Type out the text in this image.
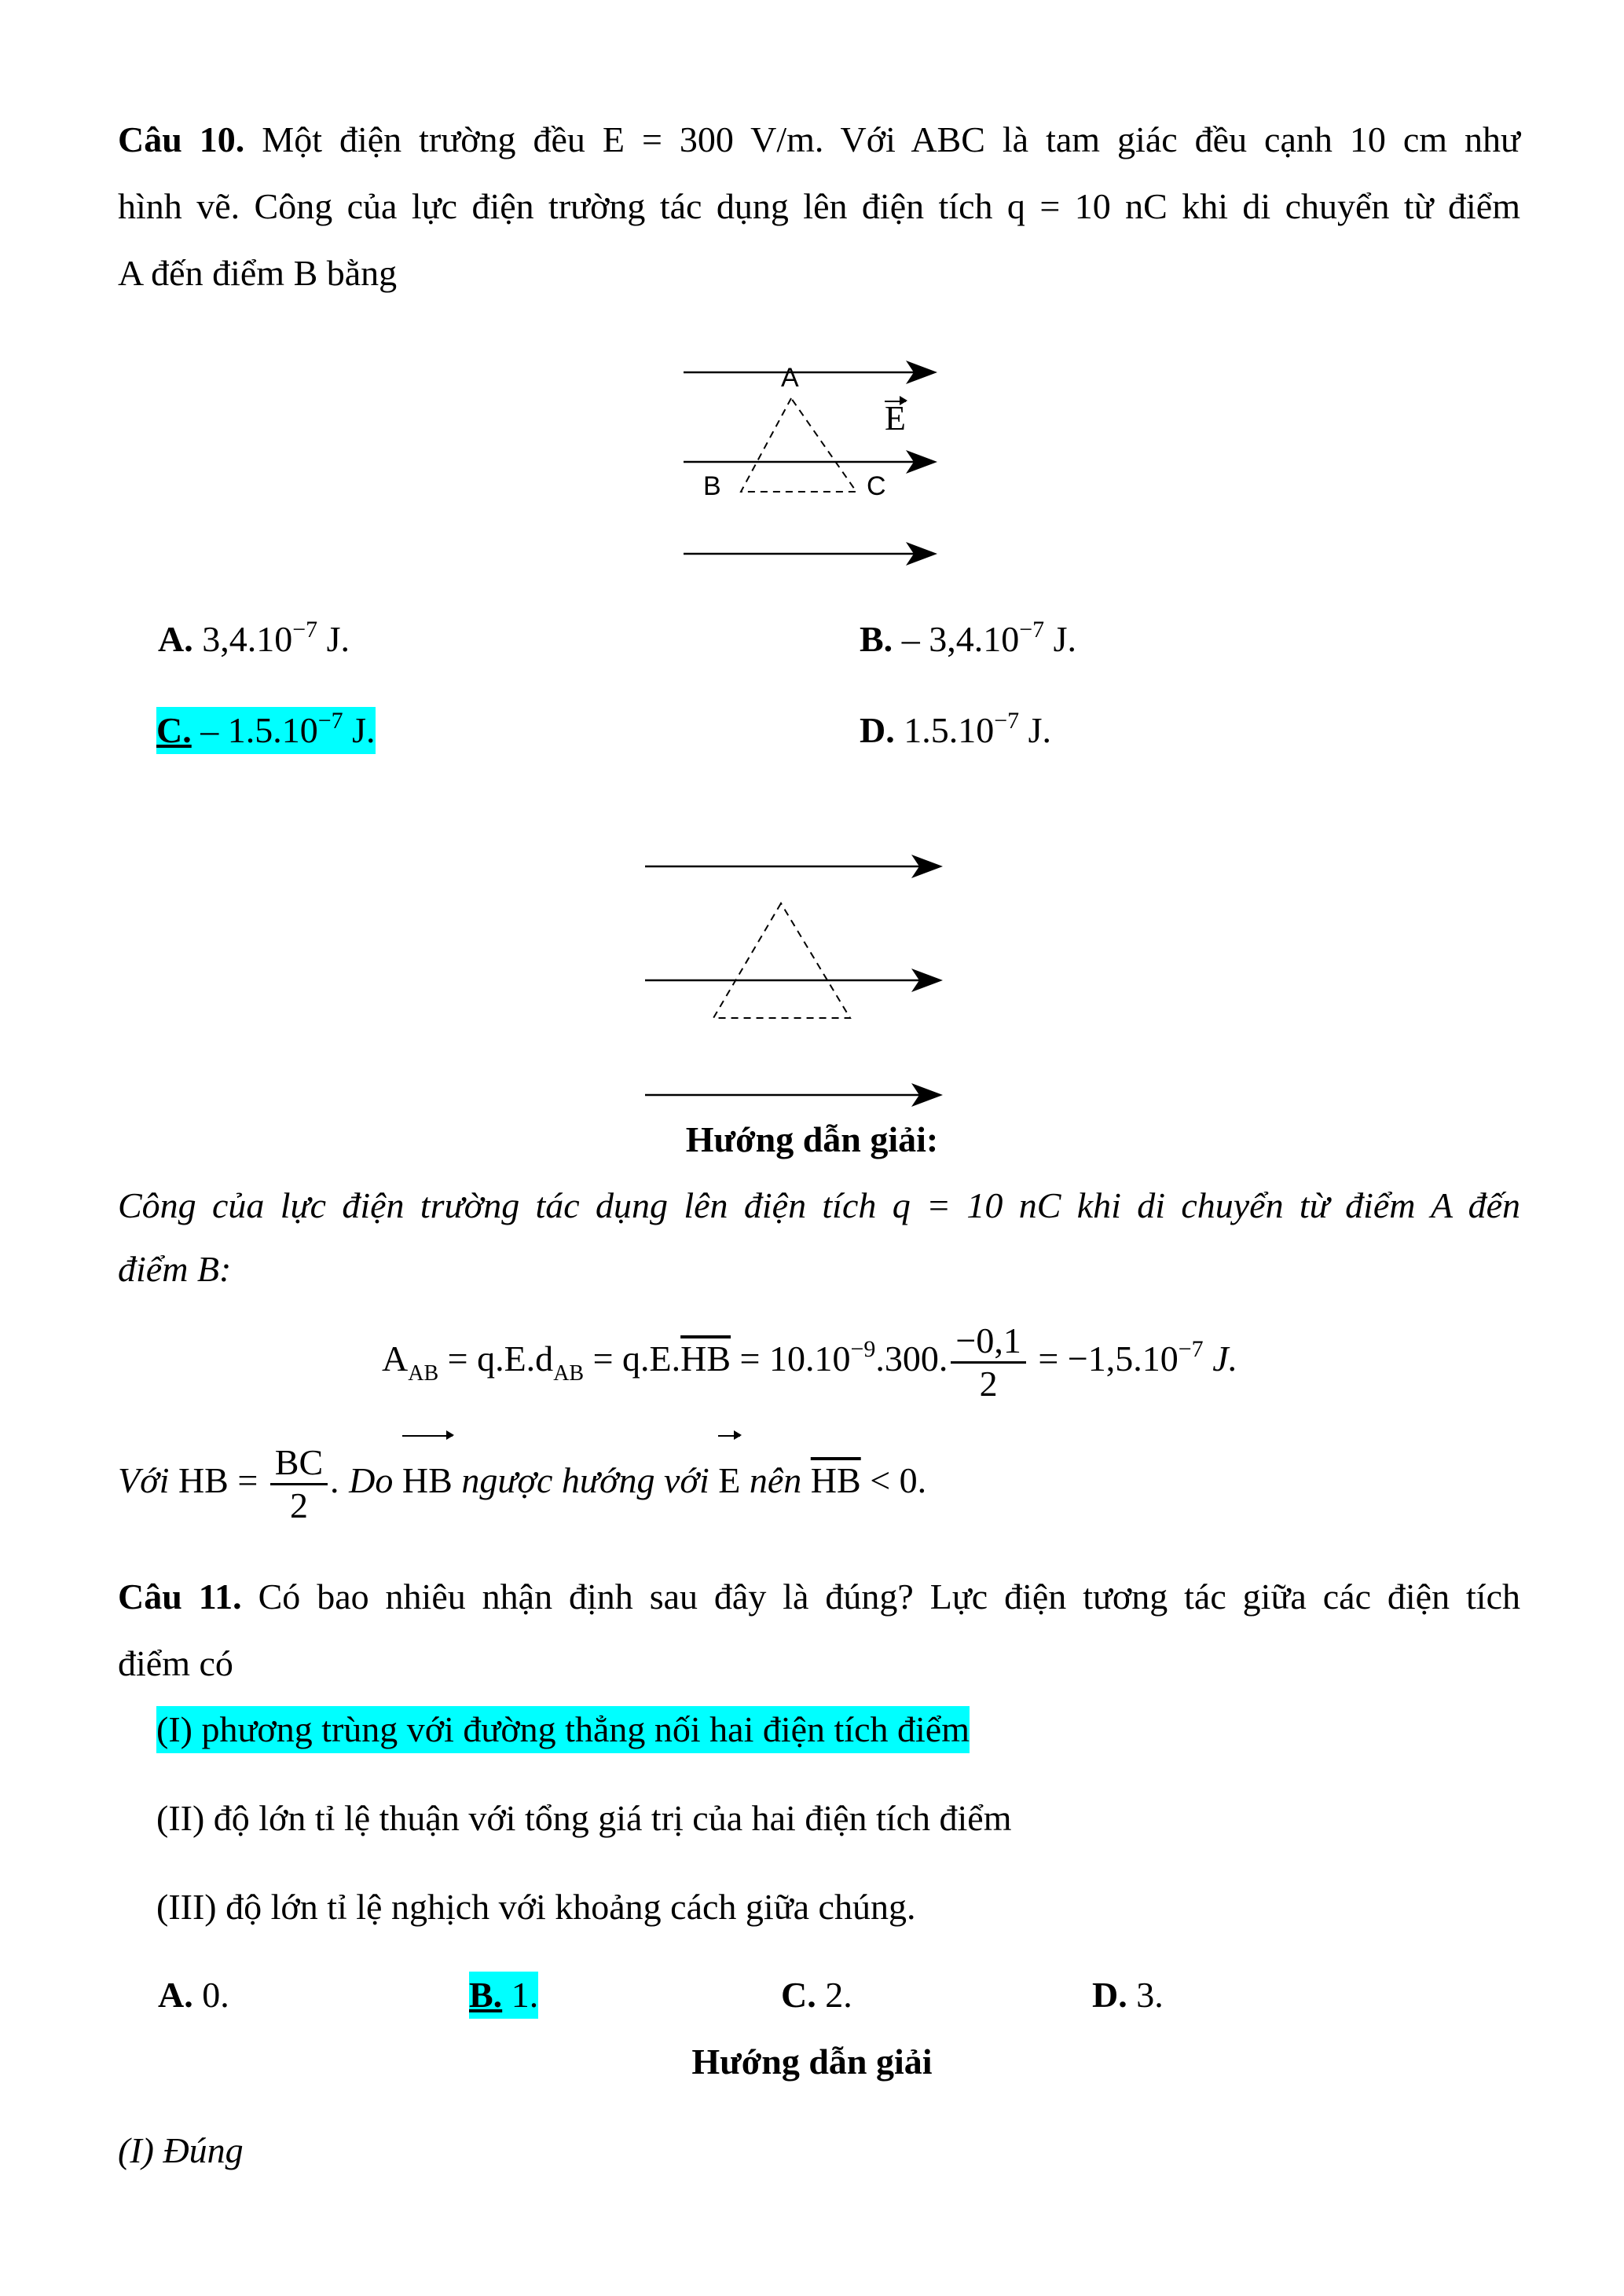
Câu 10. Một điện trường đều E = 300 V/m. Với ABC là tam giác đều cạnh 10 cm như
hình vẽ. Công của lực điện trường tác dụng lên điện tích q = 10 nC khi di chuyển từ điểm
A đến điểm B bằng
A
B	C
E
A. $3,4.10^{-7}$ J.	B. – $3,4.10^{-7}$ J.
C. – $1.5.10^{-7}$ J.	D. $1.5.10^{-7}$ J.
Hướng dẫn giải:
Công của lực điện trường tác dụng lên điện tích q = 10 nC khi di chuyển từ điểm A đến
điểm B:
$A_{AB} = q.E.d_{AB} = q.E.\overline{HB} = 10.10^{-9}.300$. $\frac{-0,1}{2} = -1,5.10^{-7}$ J.
Với HB = $\frac{BC}{2}$ . Do HB ngược hướng với E nên $\overline{HB} < 0$.
Câu 11. Có bao nhiêu nhận định sau đây là đúng? Lực điện tương tác giữa các điện tích
điểm có
(I) phương trùng với đường thẳng nối hai điện tích điểm
(II) độ lớn tỉ lệ thuận với tổng giá trị của hai điện tích điểm
(III) độ lớn tỉ lệ nghịch với khoảng cách giữa chúng.
A. 0.	B. 1.	C. 2.	D. 3.
Hướng dẫn giải
(I) Đúng
